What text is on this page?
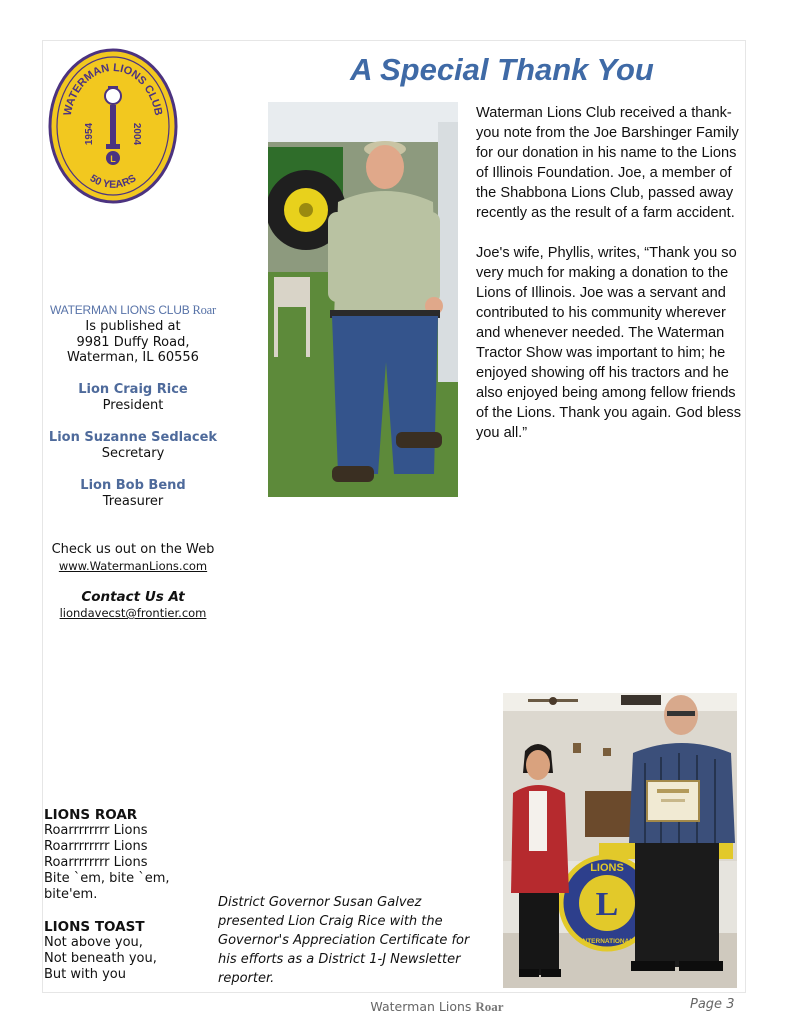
WATERMAN LIONS CLUB
50 YEARS
L
1954	2004
WATERMAN LIONS CLUB Roar

Is published at

9981 Duffy Road,

Waterman, IL 60556

Lion Craig Rice
President
Lion Suzanne Sedlacek
Secretary
Lion Bob Bend
Treasurer
Check us out on the Web
www.WatermanLions.com
Contact Us At
liondavecst@frontier.com
LIONS ROAR
Roarrrrrrrr Lions
Roarrrrrrrr Lions
Roarrrrrrrr Lions
Bite `em, bite `em,
bite'em.
LIONS TOAST
Not above you,
Not beneath you,
But with you
A Special Thank You

Waterman Lions Club received a thank-you note from the Joe Barshinger Family for our donation in his name to the Lions of Illinois Foundation. Joe, a member of the Shabbona Lions Club, passed away recently as the result of a farm accident.

Joe's wife, Phyllis, writes, “Thank you so very much for making a donation to the Lions of Illinois. Joe was a servant and contributed to his community wherever and whenever needed. The Waterman Tractor Show was important to him; he enjoyed showing off his tractors and he also enjoyed being among fellow friends of the Lions. Thank you again. God bless you all.”

L
LIONS
INTERNATIONAL
District Governor Susan Galvez presented Lion Craig Rice with the Governor's Appreciation Certificate for his efforts as a District 1-J Newsletter reporter.
Waterman Lions Roar	Page 3
